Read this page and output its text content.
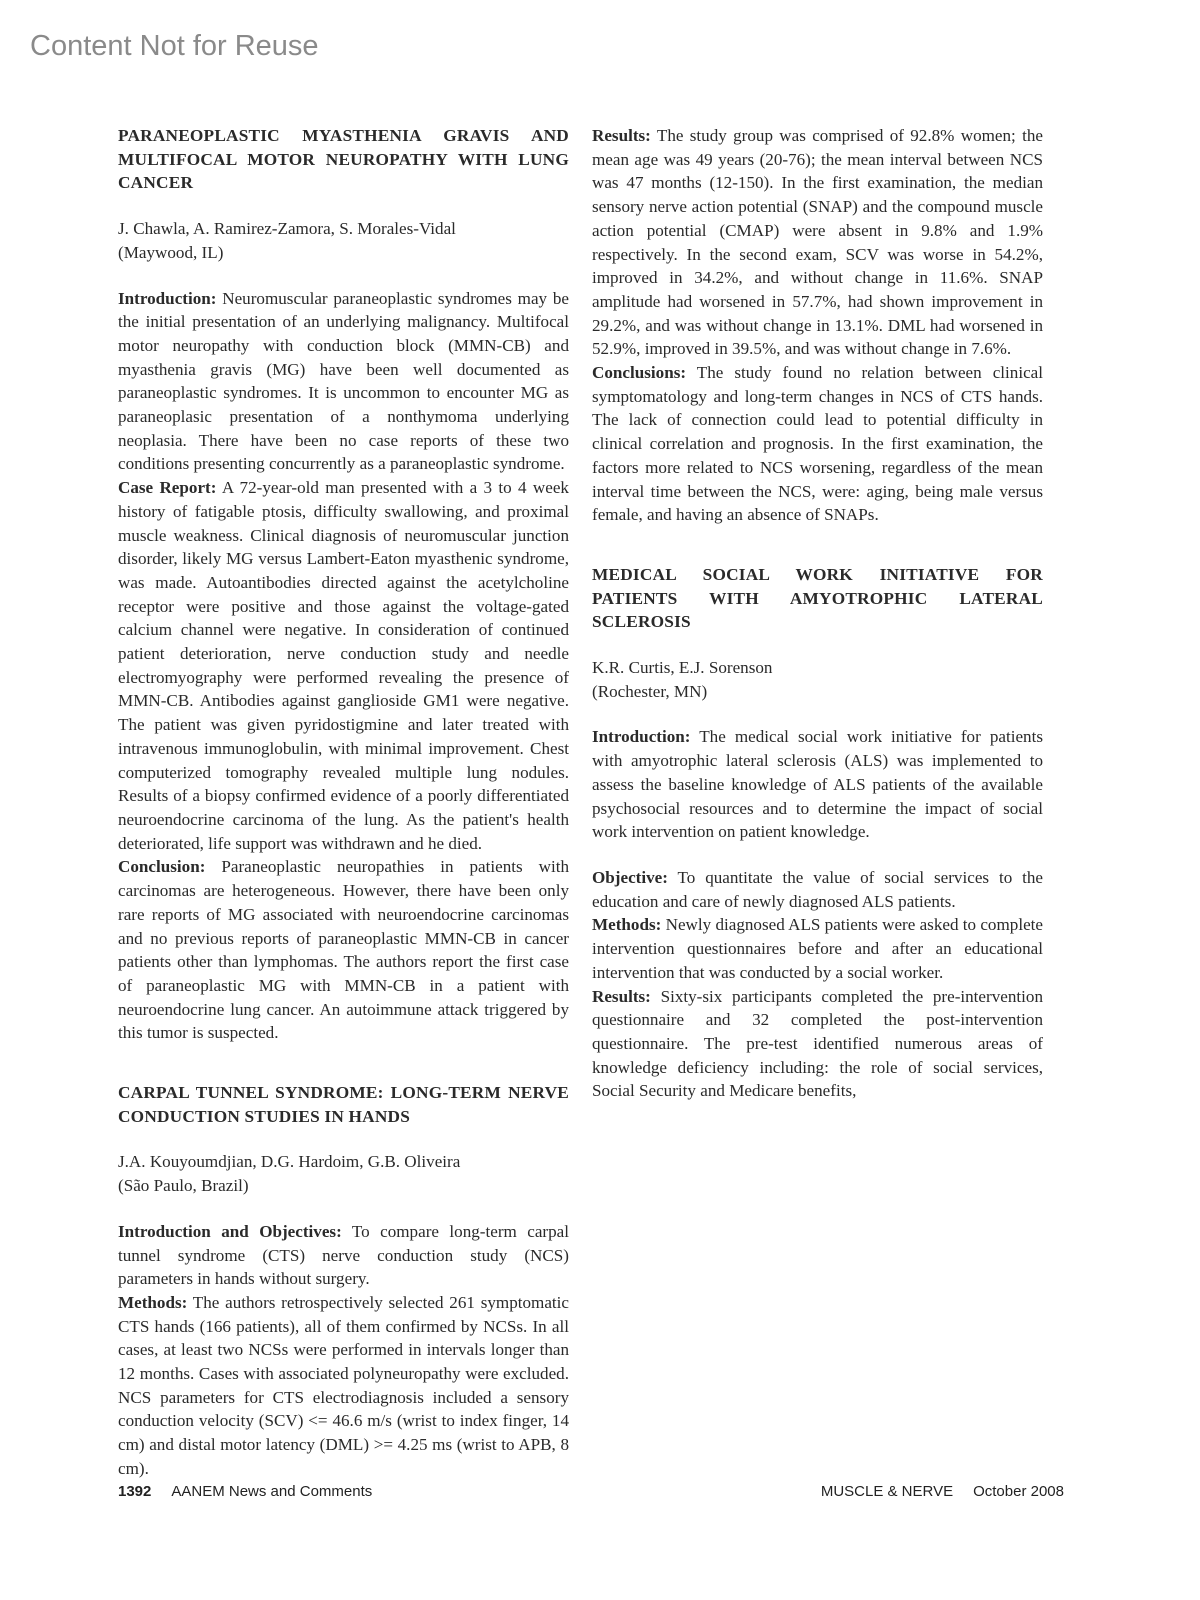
Content Not for Reuse

PARANEOPLASTIC MYASTHENIA GRAVIS AND MULTIFOCAL MOTOR NEUROPATHY WITH LUNG CANCER

J. Chawla, A. Ramirez-Zamora, S. Morales-Vidal
(Maywood, IL)

Introduction: Neuromuscular paraneoplastic syndromes may be the initial presentation of an underlying malignancy. Multifocal motor neuropathy with conduction block (MMN-CB) and myasthenia gravis (MG) have been well documented as paraneoplastic syndromes. It is uncommon to encounter MG as paraneoplasic presentation of a nonthymoma underlying neoplasia. There have been no case reports of these two conditions presenting concurrently as a paraneoplastic syndrome.

Case Report: A 72-year-old man presented with a 3 to 4 week history of fatigable ptosis, difficulty swallowing, and proximal muscle weakness. Clinical diagnosis of neuromuscular junction disorder, likely MG versus Lambert-Eaton myasthenic syndrome, was made. Autoantibodies directed against the acetylcholine receptor were positive and those against the voltage-gated calcium channel were negative. In consideration of continued patient deterioration, nerve conduction study and needle electromyography were performed revealing the presence of MMN-CB. Antibodies against ganglioside GM1 were negative. The patient was given pyridostigmine and later treated with intravenous immunoglobulin, with minimal improvement. Chest computerized tomography revealed multiple lung nodules. Results of a biopsy confirmed evidence of a poorly differentiated neuroendocrine carcinoma of the lung. As the patient's health deteriorated, life support was withdrawn and he died.

Conclusion: Paraneoplastic neuropathies in patients with carcinomas are heterogeneous. However, there have been only rare reports of MG associated with neuroendocrine carcinomas and no previous reports of paraneoplastic MMN-CB in cancer patients other than lymphomas. The authors report the first case of paraneoplastic MG with MMN-CB in a patient with neuroendocrine lung cancer. An autoimmune attack triggered by this tumor is suspected.

CARPAL TUNNEL SYNDROME: LONG-TERM NERVE CONDUCTION STUDIES IN HANDS

J.A. Kouyoumdjian, D.G. Hardoim, G.B. Oliveira
(São Paulo, Brazil)

Introduction and Objectives: To compare long-term carpal tunnel syndrome (CTS) nerve conduction study (NCS) parameters in hands without surgery.

Methods: The authors retrospectively selected 261 symptomatic CTS hands (166 patients), all of them confirmed by NCSs. In all cases, at least two NCSs were performed in intervals longer than 12 months. Cases with associated polyneuropathy were excluded. NCS parameters for CTS electrodiagnosis included a sensory conduction velocity (SCV) <= 46.6 m/s (wrist to index finger, 14 cm) and distal motor latency (DML) >= 4.25 ms (wrist to APB, 8 cm).

Results: The study group was comprised of 92.8% women; the mean age was 49 years (20-76); the mean interval between NCS was 47 months (12-150). In the first examination, the median sensory nerve action potential (SNAP) and the compound muscle action potential (CMAP) were absent in 9.8% and 1.9% respectively. In the second exam, SCV was worse in 54.2%, improved in 34.2%, and without change in 11.6%. SNAP amplitude had worsened in 57.7%, had shown improvement in 29.2%, and was without change in 13.1%. DML had worsened in 52.9%, improved in 39.5%, and was without change in 7.6%.

Conclusions: The study found no relation between clinical symptomatology and long-term changes in NCS of CTS hands. The lack of connection could lead to potential difficulty in clinical correlation and prognosis. In the first examination, the factors more related to NCS worsening, regardless of the mean interval time between the NCS, were: aging, being male versus female, and having an absence of SNAPs.

MEDICAL SOCIAL WORK INITIATIVE FOR PATIENTS WITH AMYOTROPHIC LATERAL SCLEROSIS

K.R. Curtis, E.J. Sorenson
(Rochester, MN)

Introduction: The medical social work initiative for patients with amyotrophic lateral sclerosis (ALS) was implemented to assess the baseline knowledge of ALS patients of the available psychosocial resources and to determine the impact of social work intervention on patient knowledge.

Objective: To quantitate the value of social services to the education and care of newly diagnosed ALS patients.

Methods: Newly diagnosed ALS patients were asked to complete intervention questionnaires before and after an educational intervention that was conducted by a social worker.

Results: Sixty-six participants completed the pre-intervention questionnaire and 32 completed the post-intervention questionnaire. The pre-test identified numerous areas of knowledge deficiency including: the role of social services, Social Security and Medicare benefits,

1392 AANEM News and Comments	MUSCLE & NERVE October 2008
